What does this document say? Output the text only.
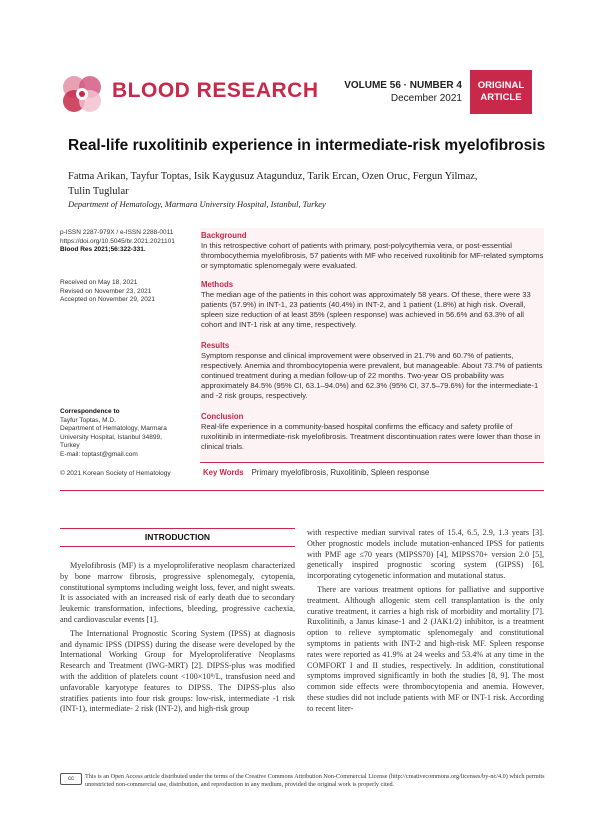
BLOOD RESEARCH	VOLUME 56 · NUMBER 4
December 2021
ORIGINAL
ARTICLE
Real-life ruxolitinib experience in intermediate-risk myelofibrosis
Fatma Arikan, Tayfur Toptas, Isik Kaygusuz Atagunduz, Tarik Ercan, Ozen Oruc, Fergun Yilmaz,
Tulin Tuglular
Department of Hematology, Marmara University Hospital, Istanbul, Turkey
p-ISSN 2287-979X / e-ISSN 2288-0011
https://doi.org/10.5045/br.2021.2021101
Blood Res 2021;56:322-331.
Received on May 18, 2021
Revised on November 23, 2021
Accepted on November 29, 2021
Correspondence to
Tayfur Toptas, M.D.
Department of Hematology, Marmara
University Hospital, Istanbul 34899,
Turkey
E-mail: toptast@gmail.com
© 2021 Korean Society of Hematology
Background
In this retrospective cohort of patients with primary, post-polycythemia vera, or post-essential thrombocythemia myelofibrosis, 57 patients with MF who received ruxolitinib for MF-related symptoms or symptomatic splenomegaly were evaluated.
Methods
The median age of the patients in this cohort was approximately 58 years. Of these, there were 33 patients (57.9%) in INT-1, 23 patients (40.4%) in INT-2, and 1 patient (1.8%) at high risk. Overall, spleen size reduction of at least 35% (spleen response) was achieved in 56.6% and 63.3% of all cohort and INT-1 risk at any time, respectively.
Results
Symptom response and clinical improvement were observed in 21.7% and 60.7% of patients, respectively. Anemia and thrombocytopenia were prevalent, but manageable. About 73.7% of patients continued treatment during a median follow-up of 22 months. Two-year OS probability was approximately 84.5% (95% CI, 63.1–94.0%) and 62.3% (95% CI, 37.5–79.6%) for the intermediate-1 and -2 risk groups, respectively.
Conclusion
Real-life experience in a community-based hospital confirms the efficacy and safety profile of ruxolitinib in intermediate-risk myelofibrosis. Treatment discontinuation rates were lower than those in clinical trials.
Key Words Primary myelofibrosis, Ruxolitinib, Spleen response
INTRODUCTION

Myelofibrosis (MF) is a myeloproliferative neoplasm characterized by bone marrow fibrosis, progressive splenomegaly, cytopenia, constitutional symptoms including weight loss, fever, and night sweats. It is associated with an increased risk of early death due to secondary leukemic transformation, infections, bleeding, progressive cachexia, and cardiovascular events [1].

The International Prognostic Scoring System (IPSS) at diagnosis and dynamic IPSS (DIPSS) during the disease were developed by the International Working Group for Myeloproliferative Neoplasms Research and Treatment (IWG-MRT) [2]. DIPSS-plus was modified with the addition of platelets count <100×10⁹/L, transfusion need and unfavorable karyotype features to DIPSS. The DIPSS-plus also stratifies patients into four risk groups: low-risk, intermediate -1 risk (INT-1), intermediate- 2 risk (INT-2), and high-risk group

with respective median survival rates of 15.4, 6.5, 2.9, 1.3 years [3]. Other prognostic models include mutation-enhanced IPSS for patients with PMF age ≤70 years (MIPSS70) [4], MIPSS70+ version 2.0 [5], genetically inspired prognostic scoring system (GIPSS) [6], incorporating cytogenetic information and mutational status.

There are various treatment options for palliative and supportive treatment. Although allogenic stem cell transplantation is the only curative treatment, it carries a high risk of morbidity and mortality [7]. Ruxolitinib, a Janus kinase-1 and 2 (JAK1/2) inhibitor, is a treatment option to relieve symptomatic splenomegaly and constitutional symptoms in patients with INT-2 and high-risk MF. Spleen response rates were reported as 41.9% at 24 weeks and 53.4% at any time in the COMFORT I and II studies, respectively. In addition, constitutional symptoms improved significantly in both the studies [8, 9]. The most common side effects were thrombocytopenia and anemia. However, these studies did not include patients with MF or INT-1 risk. According to recent liter-

cc	This is an Open Access article distributed under the terms of the Creative Commons Attribution Non-Commercial License (http://creativecommons.org/licenses/by-nc/4.0) which permits unrestricted non-commercial use, distribution, and reproduction in any medium, provided the original work is properly cited.
